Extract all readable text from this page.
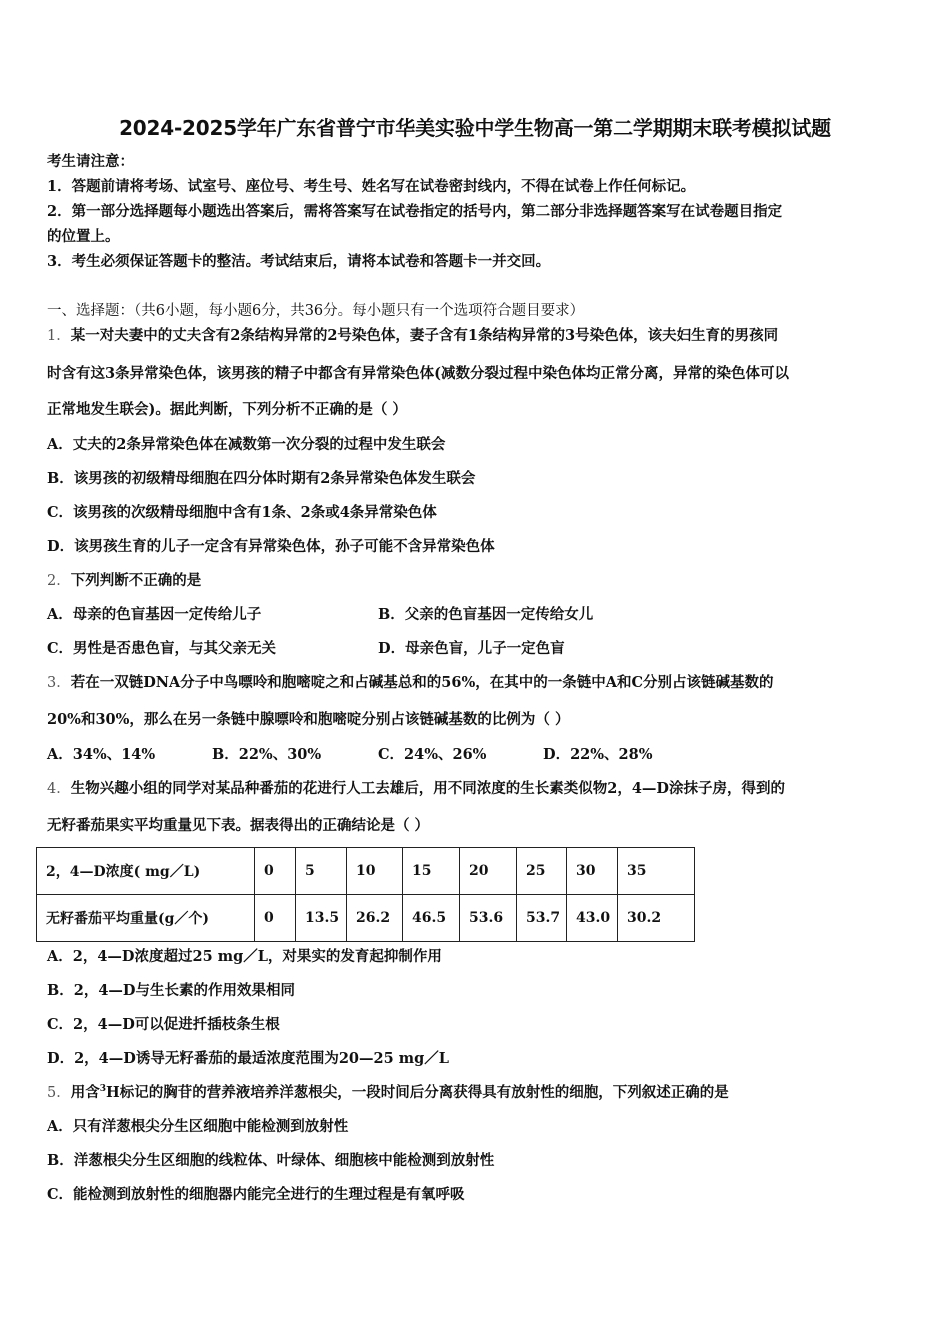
2024-2025学年广东省普宁市华美实验中学生物高一第二学期期末联考模拟试题
考生请注意：
1．答题前请将考场、试室号、座位号、考生号、姓名写在试卷密封线内，不得在试卷上作任何标记。
2．第一部分选择题每小题选出答案后，需将答案写在试卷指定的括号内，第二部分非选择题答案写在试卷题目指定
的位置上。
3．考生必须保证答题卡的整洁。考试结束后，请将本试卷和答题卡一并交回。
一、选择题：（共6小题，每小题6分，共36分。每小题只有一个选项符合题目要求）
1．某一对夫妻中的丈夫含有2条结构异常的2号染色体，妻子含有1条结构异常的3号染色体，该夫妇生育的男孩同
时含有这3条异常染色体，该男孩的精子中都含有异常染色体(减数分裂过程中染色体均正常分离，异常的染色体可以
正常地发生联会)。据此判断，下列分析不正确的是（ ）
A．丈夫的2条异常染色体在减数第一次分裂的过程中发生联会
B．该男孩的初级精母细胞在四分体时期有2条异常染色体发生联会
C．该男孩的次级精母细胞中含有1条、2条或4条异常染色体
D．该男孩生育的儿子一定含有异常染色体，孙子可能不含异常染色体
2．下列判断不正确的是
A．母亲的色盲基因一定传给儿子	B．父亲的色盲基因一定传给女儿
C．男性是否患色盲，与其父亲无关	D．母亲色盲，儿子一定色盲
3．若在一双链DNA分子中鸟嘌呤和胞嘧啶之和占碱基总和的56%，在其中的一条链中A和C分别占该链碱基数的
20%和30%，那么在另一条链中腺嘌呤和胞嘧啶分别占该链碱基数的比例为（ ）
A．34%、14%	B．22%、30%	C．24%、26%	D．22%、28%
4．生物兴趣小组的同学对某品种番茄的花进行人工去雄后，用不同浓度的生长素类似物2，4—D涂抹子房，得到的
无籽番茄果实平均重量见下表。据表得出的正确结论是（ ）
2，4—D浓度( mg／L)	0	5	10	15	20	25	30	35
无籽番茄平均重量(g／个)	0	13.5	26.2	46.5	53.6	53.7	43.0	30.2
A．2，4—D浓度超过25 mg／L，对果实的发育起抑制作用
B．2，4—D与生长素的作用效果相同
C．2，4—D可以促进扦插枝条生根
D．2，4—D诱导无籽番茄的最适浓度范围为20—25 mg／L
5．用含$^3$H标记的胸苷的营养液培养洋葱根尖，一段时间后分离获得具有放射性的细胞，下列叙述正确的是
A．只有洋葱根尖分生区细胞中能检测到放射性
B．洋葱根尖分生区细胞的线粒体、叶绿体、细胞核中能检测到放射性
C．能检测到放射性的细胞器内能完全进行的生理过程是有氧呼吸
